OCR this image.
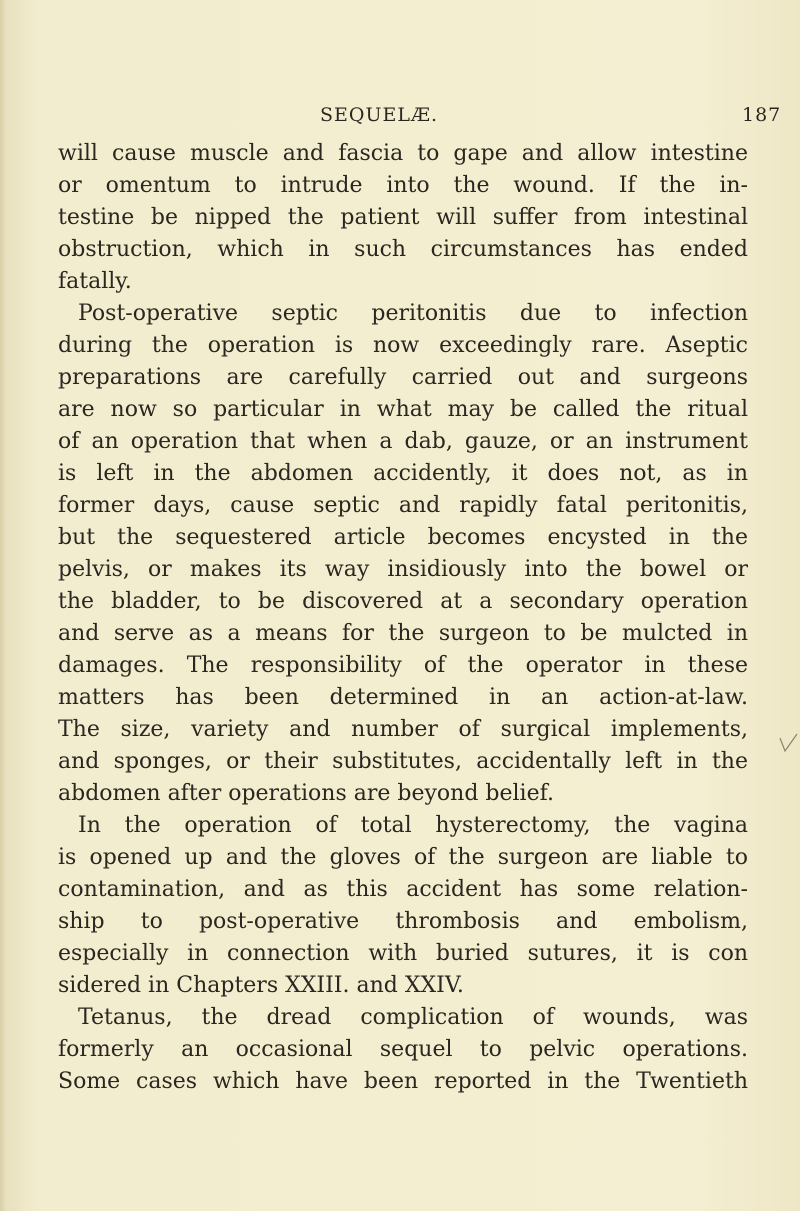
SEQUELÆ.	187
will cause muscle and fascia to gape and allow intestine
or omentum to intrude into the wound. If the in-
testine be nipped the patient will suffer from intestinal
obstruction, which in such circumstances has ended
fatally.
Post-operative septic peritonitis due to infection
during the operation is now exceedingly rare. Aseptic
preparations are carefully carried out and surgeons
are now so particular in what may be called the ritual
of an operation that when a dab, gauze, or an instrument
is left in the abdomen accidently, it does not, as in
former days, cause septic and rapidly fatal peritonitis,
but the sequestered article becomes encysted in the
pelvis, or makes its way insidiously into the bowel or
the bladder, to be discovered at a secondary operation
and serve as a means for the surgeon to be mulcted in
damages. The responsibility of the operator in these
matters has been determined in an action-at-law.
The size, variety and number of surgical implements,
and sponges, or their substitutes, accidentally left in the
abdomen after operations are beyond belief.
In the operation of total hysterectomy, the vagina
is opened up and the gloves of the surgeon are liable to
contamination, and as this accident has some relation-
ship to post-operative thrombosis and embolism,
especially in connection with buried sutures, it is con
sidered in Chapters XXIII. and XXIV.
Tetanus, the dread complication of wounds, was
formerly an occasional sequel to pelvic operations.
Some cases which have been reported in the Twentieth
